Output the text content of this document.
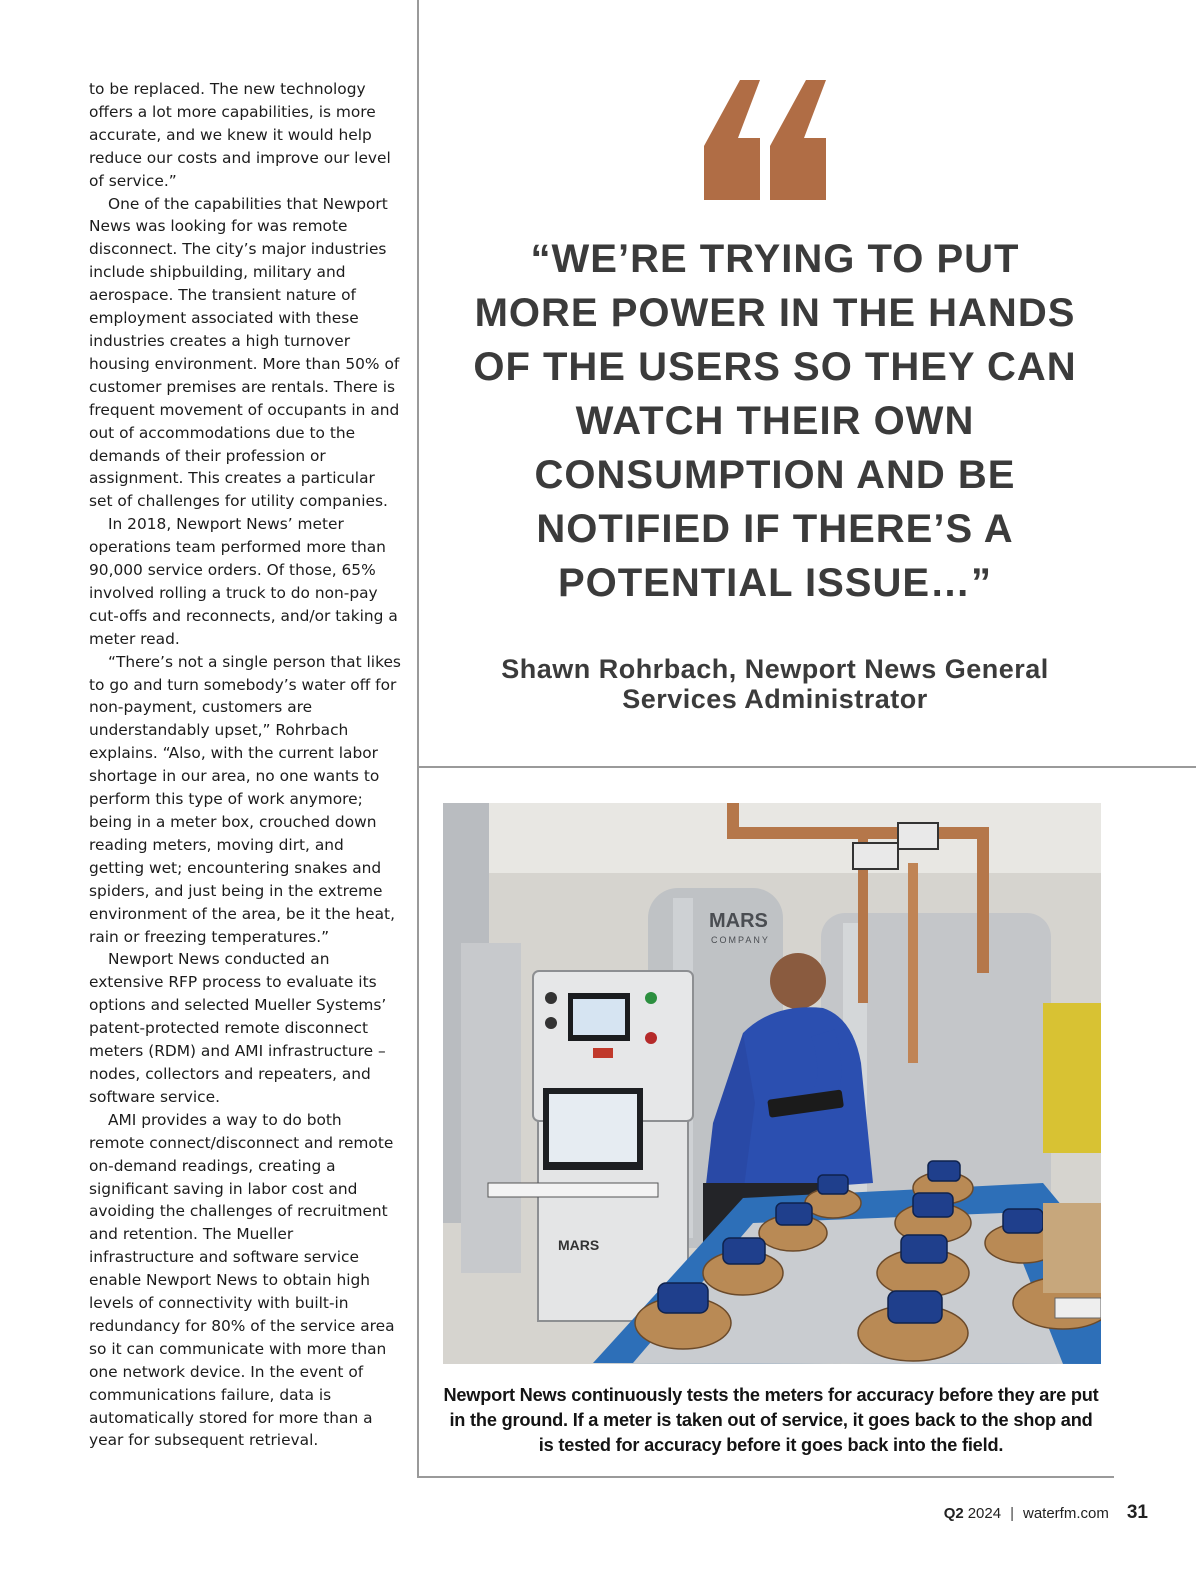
to be replaced. The new technology offers a lot more capabilities, is more accurate, and we knew it would help reduce our costs and improve our level of service.”

One of the capabilities that Newport News was looking for was remote disconnect. The city’s major industries include shipbuilding, military and aerospace. The transient nature of employment associated with these industries creates a high turnover housing environment. More than 50% of customer premises are rentals. There is frequent movement of occupants in and out of accommodations due to the demands of their profession or assignment. This creates a particular set of challenges for utility companies.

In 2018, Newport News’ meter operations team performed more than 90,000 service orders. Of those, 65% involved rolling a truck to do non-pay cut-offs and reconnects, and/or taking a meter read.

“There’s not a single person that likes to go and turn somebody’s water off for non-payment, customers are understandably upset,” Rohrbach explains. “Also, with the current labor shortage in our area, no one wants to perform this type of work anymore; being in a meter box, crouched down reading meters, moving dirt, and getting wet; encountering snakes and spiders, and just being in the extreme environment of the area, be it the heat, rain or freezing temperatures.”

Newport News conducted an extensive RFP process to evaluate its options and selected Mueller Systems’ patent-protected remote disconnect meters (RDM) and AMI infrastructure – nodes, collectors and repeaters, and software service.

AMI provides a way to do both remote connect/disconnect and remote on-demand readings, creating a significant saving in labor cost and avoiding the challenges of recruitment and retention. The Mueller infrastructure and software service enable Newport News to obtain high levels of connectivity with built-in redundancy for 80% of the service area so it can communicate with more than one network device. In the event of communications failure, data is automatically stored for more than a year for subsequent retrieval.

“WE’RE TRYING TO PUT MORE POWER IN THE HANDS OF THE USERS SO THEY CAN WATCH THEIR OWN CONSUMPTION AND BE NOTIFIED IF THERE’S A POTENTIAL ISSUE…”

Shawn Rohrbach, Newport News General Services Administrator

MARS
MARS
COMPANY

Newport News continuously tests the meters for accuracy before they are put in the ground. If a meter is taken out of service, it goes back to the shop and is tested for accuracy before it goes back into the field.

Q2 2024 | waterfm.com 31
